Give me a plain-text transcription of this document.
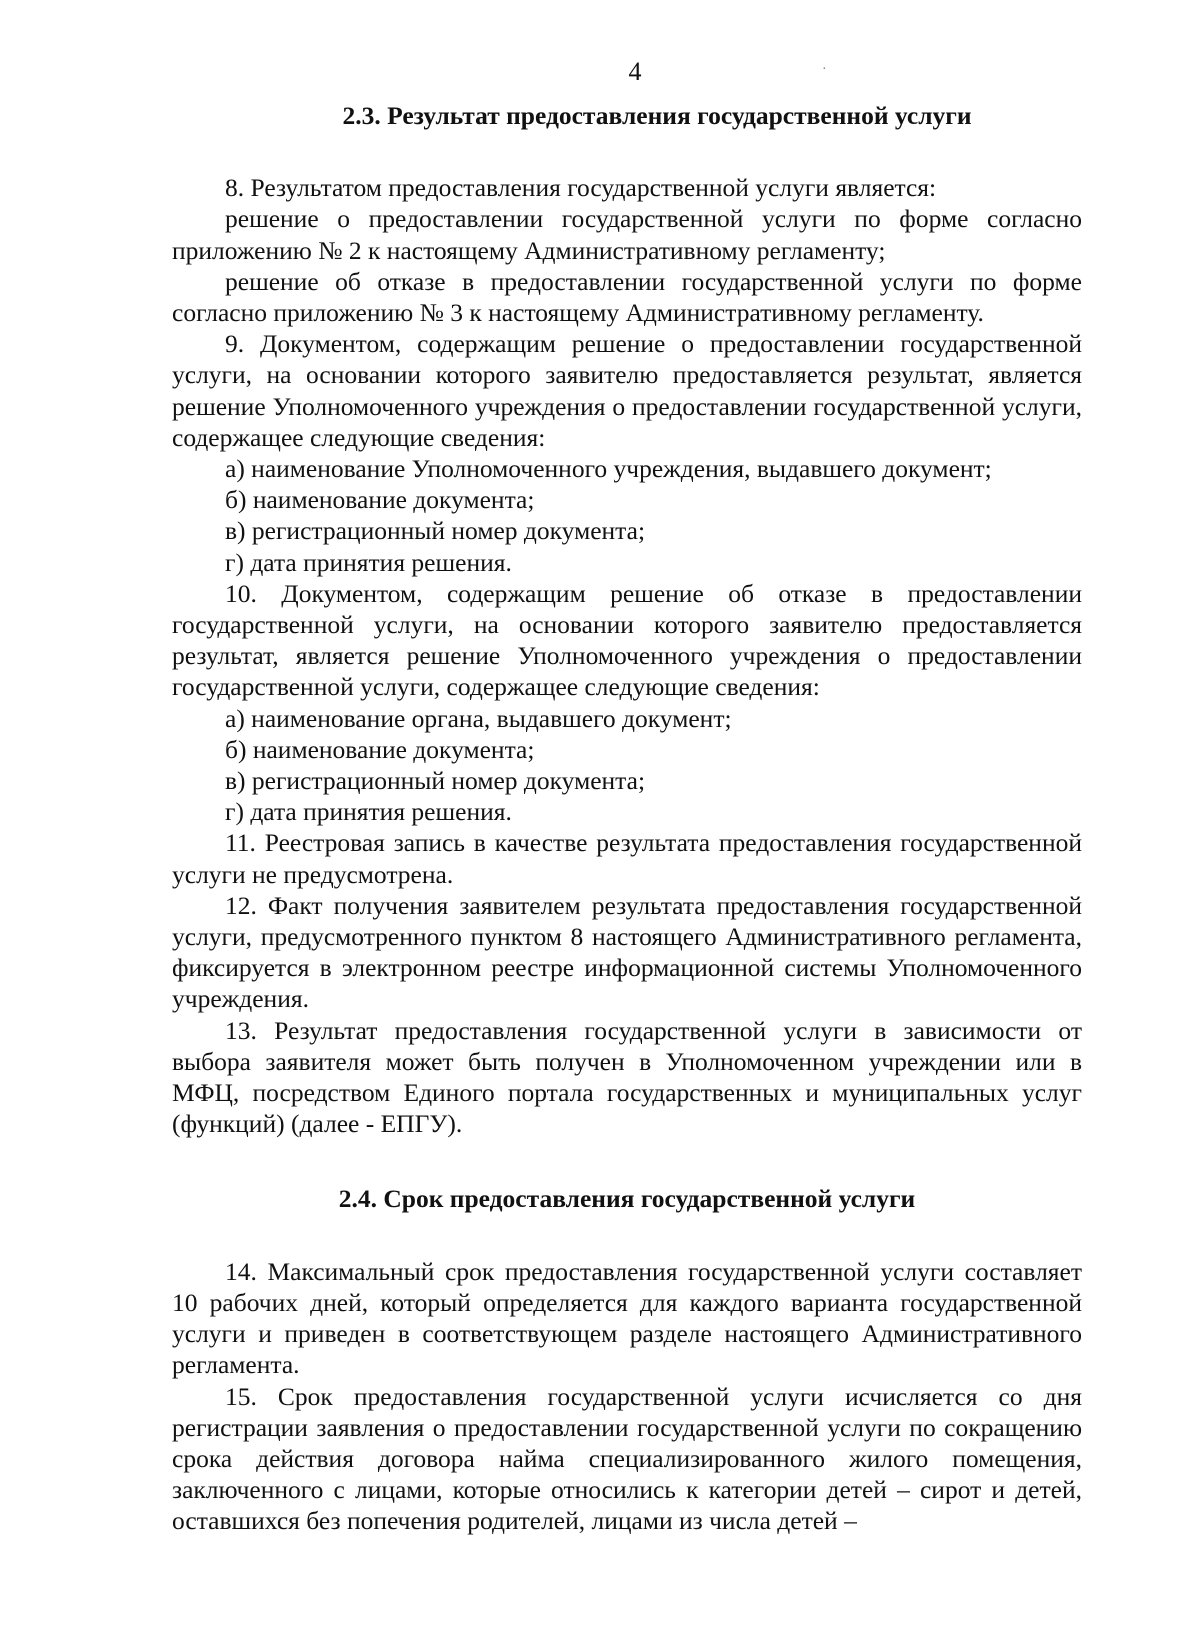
4	·

2.3. Результат предоставления государственной услуги

8. Результатом предоставления государственной услуги является:

решение о предоставлении государственной услуги по форме согласно приложению № 2 к настоящему Административному регламенту;

решение об отказе в предоставлении государственной услуги по форме согласно приложению № 3 к настоящему Административному регламенту.

9. Документом, содержащим решение о предоставлении государственной услуги, на основании которого заявителю предоставляется результат, является решение Уполномоченного учреждения о предоставлении государственной услуги, содержащее следующие сведения:

а) наименование Уполномоченного учреждения, выдавшего документ;

б) наименование документа;

в) регистрационный номер документа;

г) дата принятия решения.

10. Документом, содержащим решение об отказе в предоставлении государственной услуги, на основании которого заявителю предоставляется результат, является решение Уполномоченного учреждения о предоставлении государственной услуги, содержащее следующие сведения:

а) наименование органа, выдавшего документ;

б) наименование документа;

в) регистрационный номер документа;

г) дата принятия решения.

11. Реестровая запись в качестве результата предоставления государственной услуги не предусмотрена.

12. Факт получения заявителем результата предоставления государственной услуги, предусмотренного пунктом 8 настоящего Административного регламента, фиксируется в электронном реестре информационной системы Уполномоченного учреждения.

13. Результат предоставления государственной услуги в зависимости от выбора заявителя может быть получен в Уполномоченном учреждении или в МФЦ, посредством Единого портала государственных и муниципальных услуг (функций) (далее - ЕПГУ).

2.4. Срок предоставления государственной услуги

14. Максимальный срок предоставления государственной услуги составляет 10 рабочих дней, который определяется для каждого варианта государственной услуги и приведен в соответствующем разделе настоящего Административного регламента.

15. Срок предоставления государственной услуги исчисляется со дня регистрации заявления о предоставлении государственной услуги по сокращению срока действия договора найма специализированного жилого помещения, заключенного с лицами, которые относились к категории детей – сирот и детей, оставшихся без попечения родителей, лицами из числа детей –
